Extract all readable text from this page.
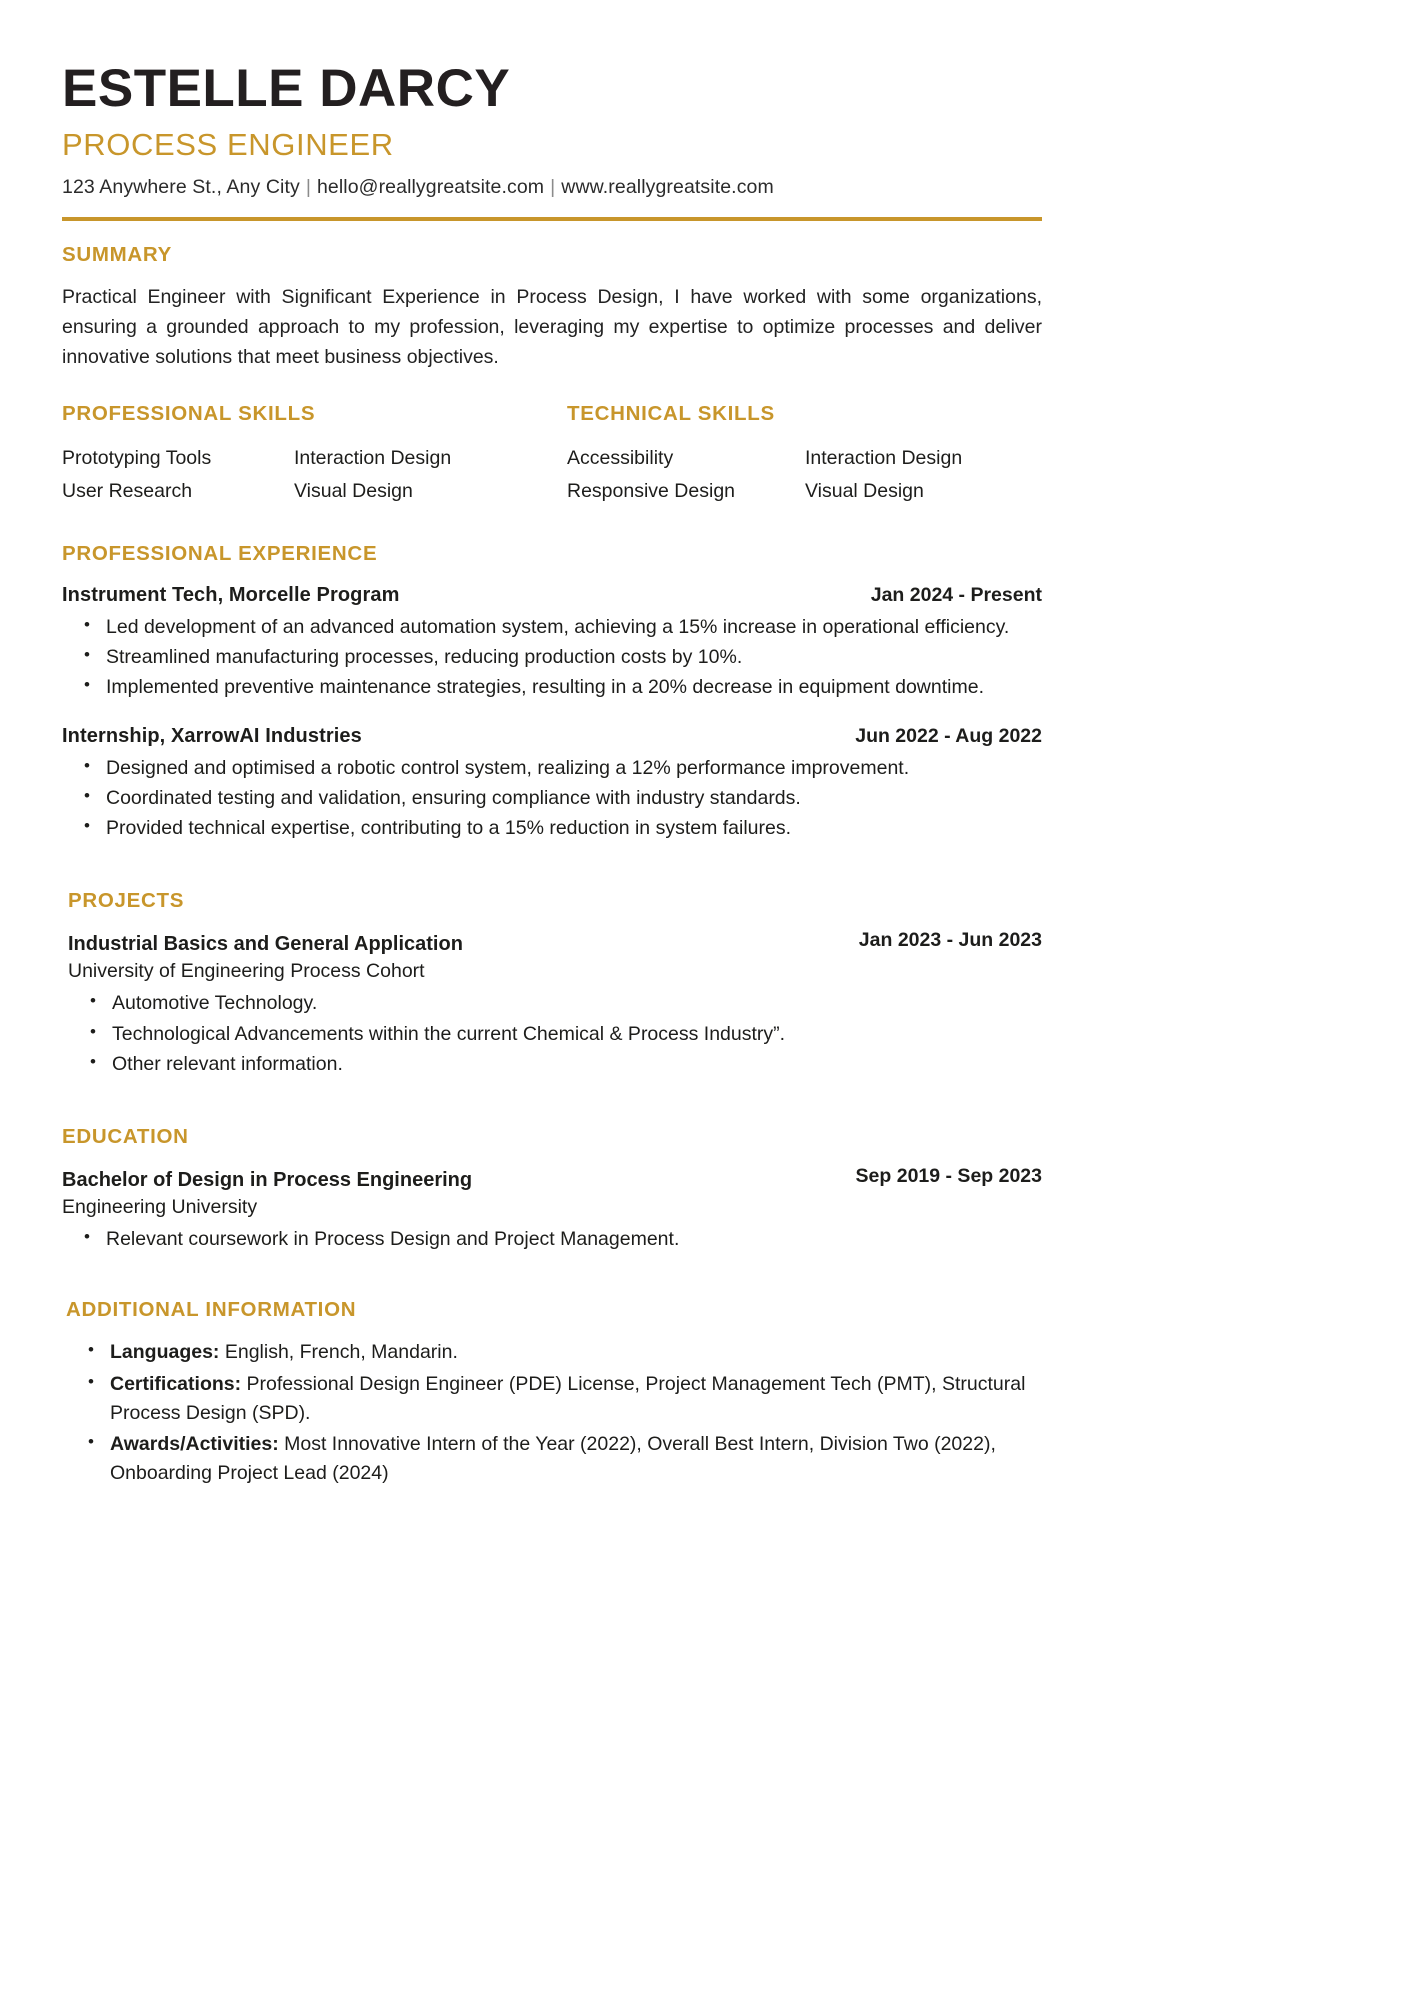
ESTELLE DARCY
PROCESS ENGINEER
123 Anywhere St., Any City | hello@reallygreatsite.com | www.reallygreatsite.com
SUMMARY
Practical Engineer with Significant Experience in Process Design, I have worked with some organizations, ensuring a grounded approach to my profession, leveraging my expertise to optimize processes and deliver innovative solutions that meet business objectives.
PROFESSIONAL SKILLS
Prototyping Tools
User Research
Interaction Design
Visual Design
TECHNICAL SKILLS
Accessibility
Responsive Design
Interaction Design
Visual Design
PROFESSIONAL EXPERIENCE
Instrument Tech, Morcelle Program	Jan 2024 - Present
• Led development of an advanced automation system, achieving a 15% increase in operational efficiency.
• Streamlined manufacturing processes, reducing production costs by 10%.
• Implemented preventive maintenance strategies, resulting in a 20% decrease in equipment downtime.
Internship, XarrowAI Industries	Jun 2022 - Aug 2022
• Designed and optimised a robotic control system, realizing a 12% performance improvement.
• Coordinated testing and validation, ensuring compliance with industry standards.
• Provided technical expertise, contributing to a 15% reduction in system failures.
PROJECTS
Industrial Basics and General Application
University of Engineering Process Cohort
Jan 2023 - Jun 2023
• Automotive Technology.
• Technological Advancements within the current Chemical & Process Industry”.
• Other relevant information.
EDUCATION
Bachelor of Design in Process Engineering
Engineering University
Sep 2019 - Sep 2023
• Relevant coursework in Process Design and Project Management.
ADDITIONAL INFORMATION
• Languages: English, French, Mandarin.
• Certifications: Professional Design Engineer (PDE) License, Project Management Tech (PMT), Structural Process Design (SPD).
• Awards/Activities: Most Innovative Intern of the Year (2022), Overall Best Intern, Division Two (2022), Onboarding Project Lead (2024)
